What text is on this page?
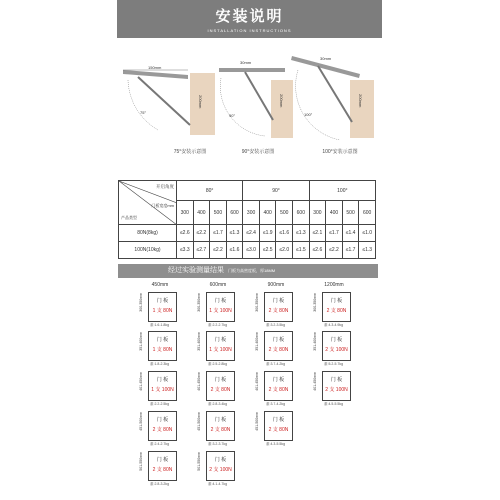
安装说明
INSTALLATION INSTRUCTIONS
150mm
200mm
75°
75°安装示意图
30mm
200mm
90°
90°安装示意图
30mm
200mm
100°
100°安装示意图
开启角度
门板宽度mm
产品类型	80°				90°				100°			
	300	400	500	600	300	400	500	600	300	400	500	600
80N(8kg)	≤2.6	≤2.2	≤1.7	≤1.3	≤2.4	≤1.9	≤1.6	≤1.3	≤2.1	≤1.7	≤1.4	≤1.0
100N(10kg)	≤3.3	≤2.7	≤2.2	≤1.6	≤3.0	≤2.5	≤2.0	≤1.5	≤2.6	≤2.2	≤1.7	≤1.3
经过实验测量结果 门板为高密度板，厚18MM
450mm	600mm	900mm	1200mm
300-350mm	门 板
1 支 80N
重:1.6-1.8kg
300-350mm	门 板
1 支 100N
重:2.2-2.7kg
300-350mm	门 板
2 支 80N
重:3.2-3.5kg
300-350mm	门 板
2 支 80N
重:4.3-4.9kg
351-400mm	门 板
1 支 80N
重:1.8-2.3kg
351-400mm	门 板
1 支 100N
重:2.5-2.8kg
351-400mm	门 板
2 支 80N
重:3.7-4.2kg
351-400mm	门 板
2 支 100N
重:5.2-5.7kg
401-450mm	门 板
1 支 100N
重:2.2-2.5kg
401-450mm	门 板
2 支 80N
重:2.8-3.4kg
401-450mm	门 板
2 支 80N
重:3.7-4.2kg
401-450mm	门 板
2 支 100N
重:4.5-5.5kg
451-500mm	门 板
2 支 80N
重:2.4-2.7kg
451-500mm	门 板
2 支 80N
重:3.2-3.7kg
451-500mm	门 板
2 支 80N
重:4.3-5.5kg
501-550mm	门 板
2 支 80N
重:2.8-3.2kg
501-550mm	门 板
2 支 100N
重:4.1-4.7kg
